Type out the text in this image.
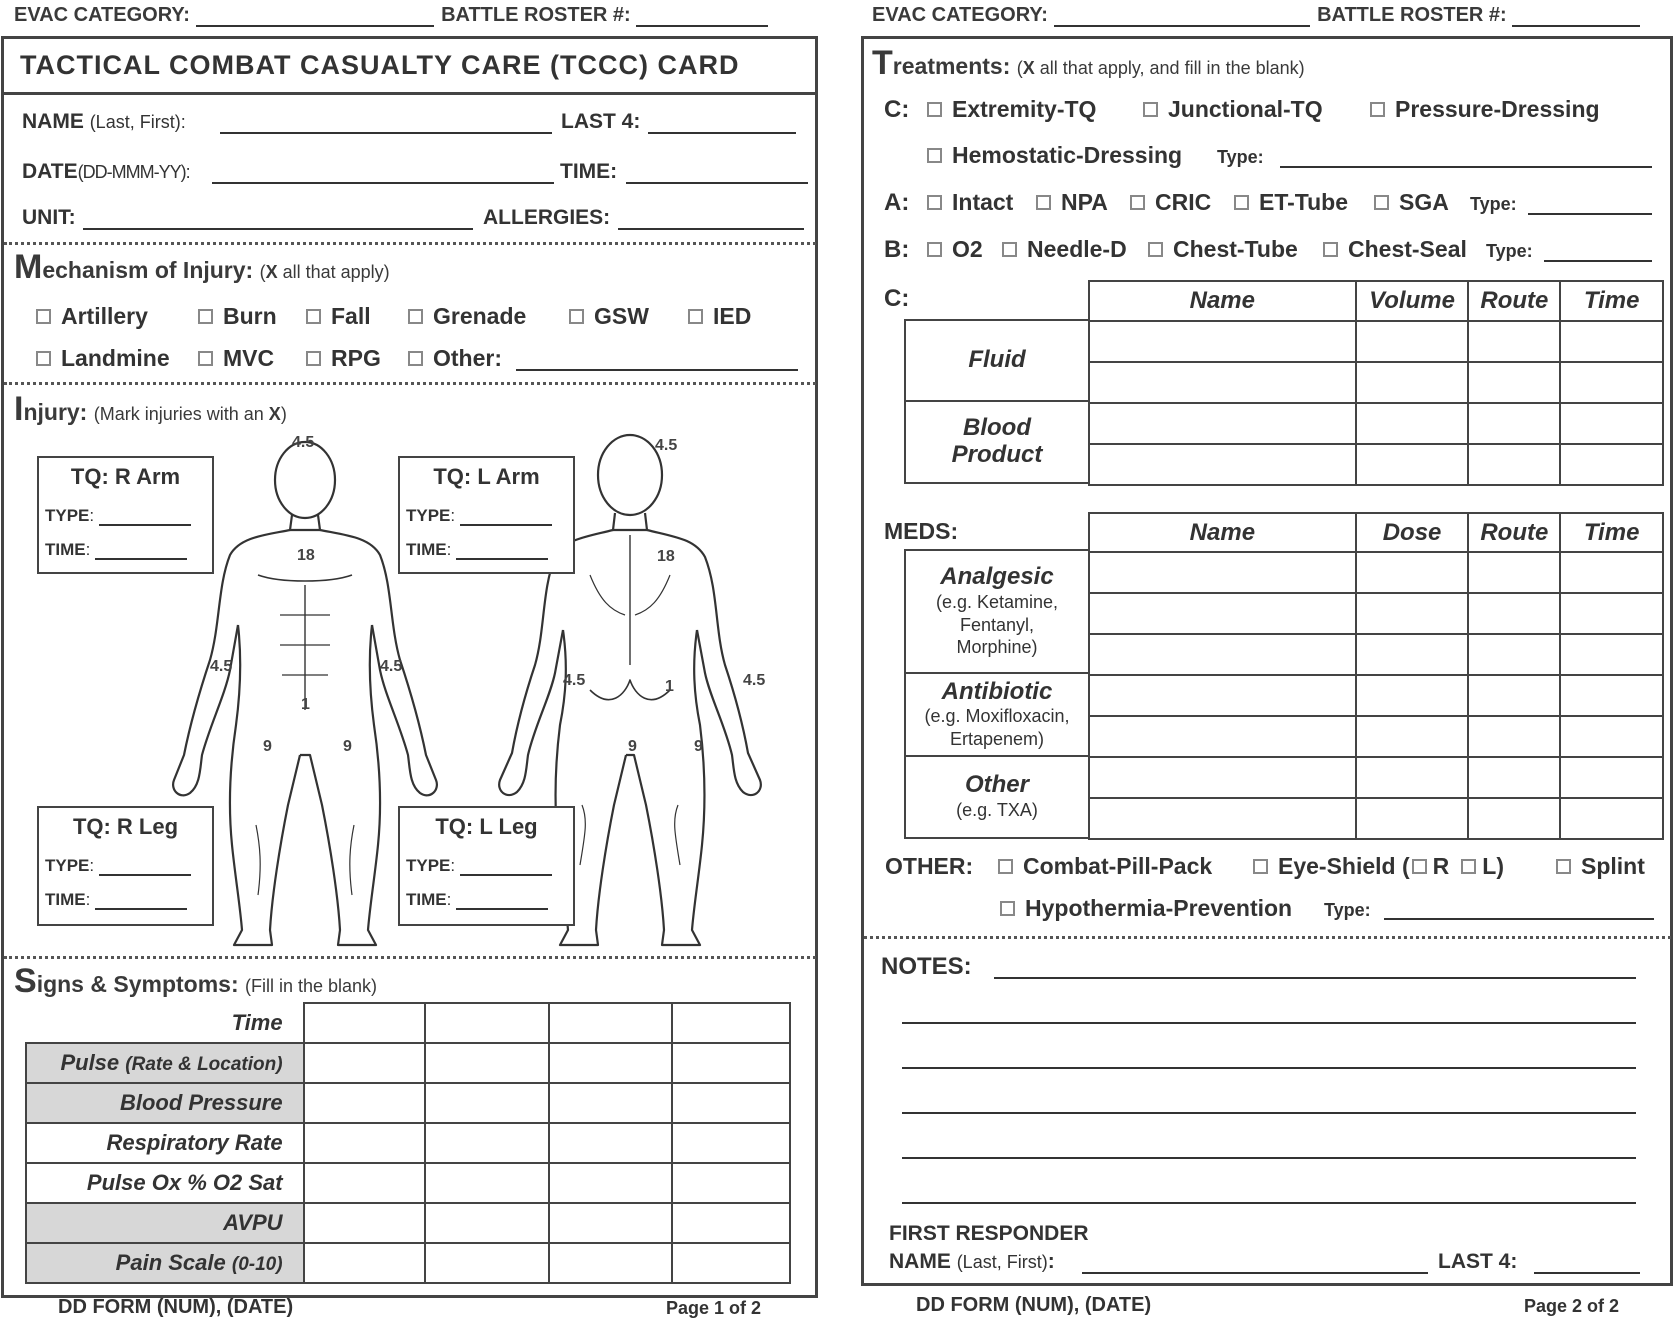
EVAC CATEGORY:	BATTLE ROSTER #:
TACTICAL COMBAT CASUALTY CARE (TCCC) CARD
NAME (Last, First):	LAST 4:
DATE(DD-MMM-YY):	TIME:
UNIT:	ALLERGIES:
Mechanism of Injury: (X all that apply)
Artillery	Burn Fall	Grenade	GSW	IED
Landmine MVC RPG Other:
Injury: (Mark injuries with an X)
4.5
18
4.5	4.5
1
9	9
4.5
18
4.5	4.5
1
9	9
TQ: R Arm
TYPE:
TIME:
TQ: L Arm
TYPE:
TIME:
TQ: R Leg
TYPE:
TIME:
TQ: L Leg
TYPE:
TIME:
Signs & Symptoms: (Fill in the blank)
Time				
Pulse (Rate & Location)				
Blood Pressure				
Respiratory Rate				
Pulse Ox % O2 Sat				
AVPU				
Pain Scale (0-10)				
DD FORM (NUM), (DATE)	Page 1 of 2
EVAC CATEGORY:	BATTLE ROSTER #:
Treatments: (X all that apply, and fill in the blank)
C: Extremity-TQ	Junctional-TQ	Pressure-Dressing
Hemostatic-Dressing Type:
A: Intact NPA CRIC ET-Tube SGA Type:
B: O2 Needle-D Chest-Tube Chest-Seal Type:
C:	Name	Volume	Route	Time

Fluid
Blood Product
MEDS:	Name	Dose	Route	Time

Analgesic
(e.g. Ketamine, Fentanyl, Morphine)
Antibiotic
(e.g. Moxifloxacin, Ertapenem)
Other
(e.g. TXA)
OTHER: Combat-Pill-Pack	Eye-Shield ( R L)	Splint
Hypothermia-Prevention Type:
NOTES:
FIRST RESPONDER
NAME (Last, First):	LAST 4:
DD FORM (NUM), (DATE)	Page 2 of 2
